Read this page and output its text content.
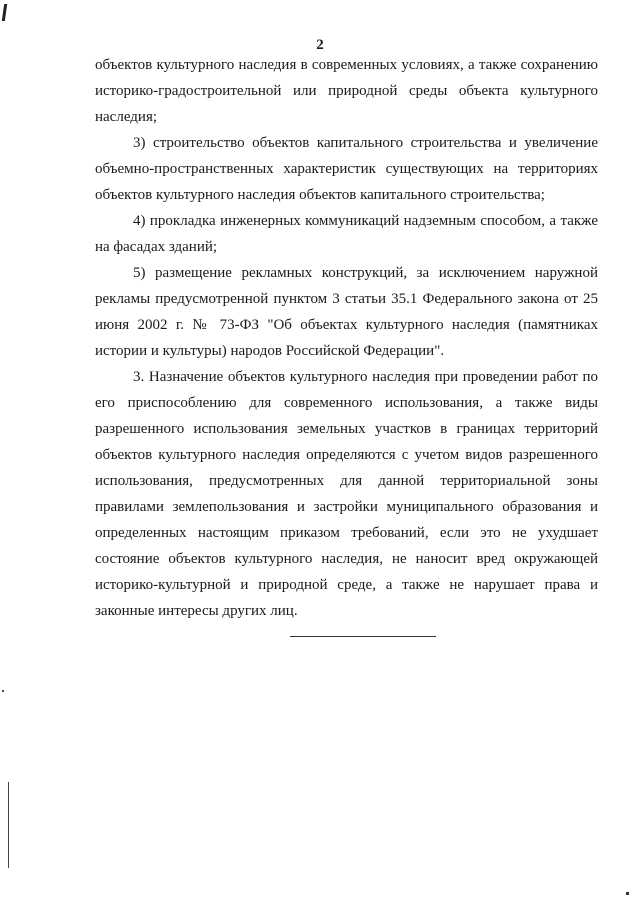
2

объектов культурного наследия в современных условиях, а также сохранению историко-градостроительной или природной среды объекта культурного наследия;

3) строительство объектов капитального строительства и увеличение объемно-пространственных характеристик существующих на территориях объектов культурного наследия объектов капитального строительства;

4) прокладка инженерных коммуникаций надземным способом, а также на фасадах зданий;

5) размещение рекламных конструкций, за исключением наружной рекламы предусмотренной пунктом 3 статьи 35.1 Федерального закона от 25 июня 2002 г. № 73-ФЗ "Об объектах культурного наследия (памятниках истории и культуры) народов Российской Федерации".

3. Назначение объектов культурного наследия при проведении работ по его приспособлению для современного использования, а также виды разрешенного использования земельных участков в границах территорий объектов культурного наследия определяются с учетом видов разрешенного использования, предусмотренных для данной территориальной зоны правилами землепользования и застройки муниципального образования и определенных настоящим приказом требований, если это не ухудшает состояние объектов культурного наследия, не наносит вред окружающей историко-культурной и природной среде, а также не нарушает права и законные интересы других лиц.
